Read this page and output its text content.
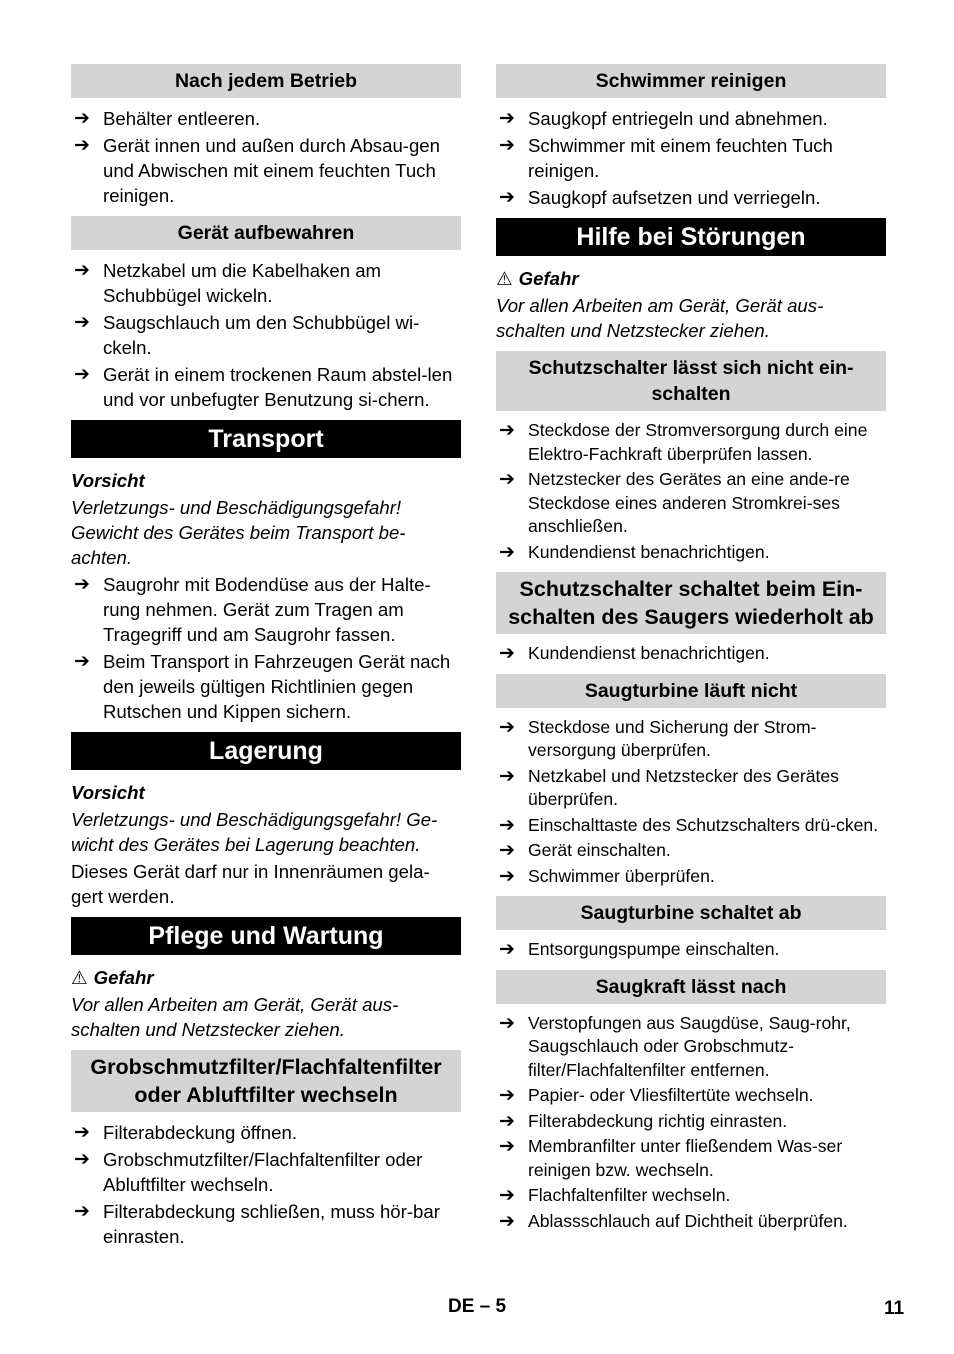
Nach jedem Betrieb
➔ Behälter entleeren.
➔ Gerät innen und außen durch Absau-gen und Abwischen mit einem feuchten Tuch reinigen.
Gerät aufbewahren
➔ Netzkabel um die Kabelhaken am Schubbügel wickeln.
➔ Saugschlauch um den Schubbügel wi-ckeln.
➔ Gerät in einem trockenen Raum abstel-len und vor unbefugter Benutzung si-chern.
Transport
Vorsicht
Verletzungs- und Beschädigungsgefahr! Gewicht des Gerätes beim Transport be-achten.
➔ Saugrohr mit Bodendüse aus der Halte-rung nehmen. Gerät zum Tragen am Tragegriff und am Saugrohr fassen.
➔ Beim Transport in Fahrzeugen Gerät nach den jeweils gültigen Richtlinien gegen Rutschen und Kippen sichern.
Lagerung
Vorsicht
Verletzungs- und Beschädigungsgefahr! Ge-wicht des Gerätes bei Lagerung beachten.
Dieses Gerät darf nur in Innenräumen gela-gert werden.
Pflege und Wartung
⚠ Gefahr
Vor allen Arbeiten am Gerät, Gerät aus-schalten und Netzstecker ziehen.
Grobschmutzfilter/Flachfaltenfilter oder Abluftfilter wechseln
➔ Filterabdeckung öffnen.
➔ Grobschmutzfilter/Flachfaltenfilter oder Abluftfilter wechseln.
➔ Filterabdeckung schließen, muss hör-bar einrasten.
Schwimmer reinigen
➔ Saugkopf entriegeln und abnehmen.
➔ Schwimmer mit einem feuchten Tuch reinigen.
➔ Saugkopf aufsetzen und verriegeln.
Hilfe bei Störungen
⚠ Gefahr
Vor allen Arbeiten am Gerät, Gerät aus-schalten und Netzstecker ziehen.
Schutzschalter lässt sich nicht ein-schalten
➔ Steckdose der Stromversorgung durch eine Elektro-Fachkraft überprüfen lassen.
➔ Netzstecker des Gerätes an eine ande-re Steckdose eines anderen Stromkrei-ses anschließen.
➔ Kundendienst benachrichtigen.
Schutzschalter schaltet beim Ein-schalten des Saugers wiederholt ab
➔ Kundendienst benachrichtigen.
Saugturbine läuft nicht
➔ Steckdose und Sicherung der Strom-versorgung überprüfen.
➔ Netzkabel und Netzstecker des Gerätes überprüfen.
➔ Einschalttaste des Schutzschalters drü-cken.
➔ Gerät einschalten.
➔ Schwimmer überprüfen.
Saugturbine schaltet ab
➔ Entsorgungspumpe einschalten.
Saugkraft lässt nach
➔ Verstopfungen aus Saugdüse, Saug-rohr, Saugschlauch oder Grobschmutz-filter/Flachfaltenfilter entfernen.
➔ Papier- oder Vliesfiltertüte wechseln.
➔ Filterabdeckung richtig einrasten.
➔ Membranfilter unter fließendem Was-ser reinigen bzw. wechseln.
➔ Flachfaltenfilter wechseln.
➔ Ablassschlauch auf Dichtheit überprüfen.
DE – 5	11
